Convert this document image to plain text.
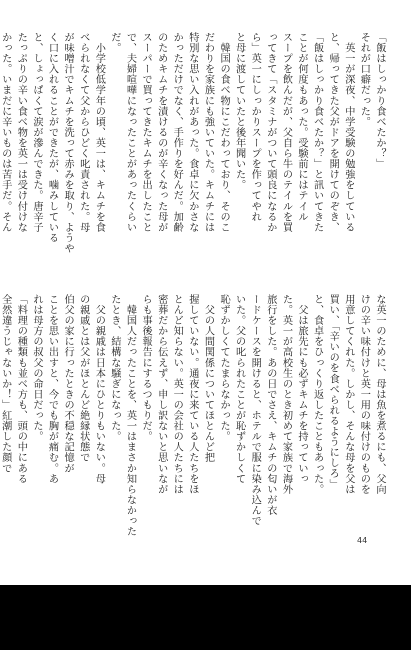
「飯はしっかり食べたか？」
それが口癖だった。
　英一が深夜、中学受験の勉強をしている
と、帰ってきた父がドアを開けてのぞき、
「飯はしっかり食べたか？」と訊いてきた
ことが何度もあった。受験前にはテイル
スープを飲んだが、父自ら牛のテイルを買
ってきて「スタミナがついて頭良になるか
ら」英一にしっかりスープを作ってやれ
と母に渡していたと後年聞いた。
　韓国の食べ物にこだわっており、そのこ
だわりを家族にも強いていた。キムチには
特別な思い入れがあった。食卓に欠かさな
かっただけでなく、手作りを好んだ。加齢
のためキムチを漬けるのが辛くなった母が
スーパーで買ってきたキムチを出したこと
で、夫婦喧嘩になったことがあったくらい
だ。
　小学校低学年の頃、英一は、キムチを食
べられなくて父からひどく叱責された。母
が味噌汁でキムチを洗って赤みを取り、ようや
く口に入れることができたが、噛みしている
と、しょっぱくて涙が滲んできた。唐辛子
たっぷりの辛い食べ物を英一は受け付けな
かった。いまだに辛いものは苦手だ。そん
な英一のために、母は魚を煮るにも、父向
けの辛い味付けと英一用の味付けのものを
用意してくれた。しかし、そんな母を父は
買い、「辛いのを食べられるようにしろ」
と、食卓をひっくり返したこともあった。
　父は旅先にも必ずキムチを持っていっ
た。英一が高校生のとき初めて家族で海外
旅行をした。あの日でさえ、キムチの匂いが衣
ードケースを開けると、ホテルで服に染み込んで
いた。父の叱られたことが恥ずかしくて
恥ずかしくてたまらなかった。
　父の人間関係についてほとんど把
握していない。通夜に来ている人たちをほ
とんど知らない。英一の会社の人たちには
密葬だから伝えず、申し訳ないと思いなが
らも事後報告にするつもりだ。
　韓国人だったことを、英一はまさか知らなかった
たとき、結構な騒ぎになった。
　父の親戚は日本にひとりもいない。母
の親戚とは父がほとんど絶縁状態で
伯父の家に行ったときの不穏な記憶が
ことを思い出すと、今でも胸が痛む。あ
れは母方の叔父の命日だった。
「料理の種類も並べ方も、頭の中にある
全然違うじゃないか！」紅潮した顔で

44
